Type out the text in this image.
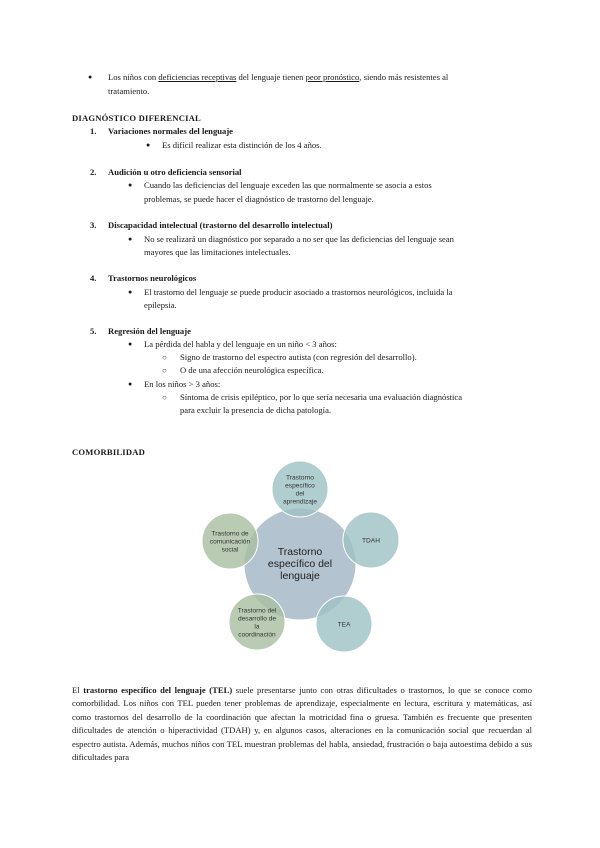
● Los niños con deficiencias receptivas del lenguaje tienen peor pronóstico, siendo más resistentes al
tratamiento.
DIAGNÓSTICO DIFERENCIAL
1. Variaciones normales del lenguaje
● Es difícil realizar esta distinción de los 4 años.
2. Audición u otro deficiencia sensorial
● Cuando las deficiencias del lenguaje exceden las que normalmente se asocia a estos
problemas, se puede hacer el diagnóstico de trastorno del lenguaje.
3. Discapacidad intelectual (trastorno del desarrollo intelectual)
● No se realizará un diagnóstico por separado a no ser que las deficiencias del lenguaje sean
mayores que las limitaciones intelectuales.
4. Trastornos neurológicos
● El trastorno del lenguaje se puede producir asociado a trastornos neurológicos, incluida la
epilepsia.
5. Regresión del lenguaje
● La pérdida del habla y del lenguaje en un niño < 3 años:
○ Signo de trastorno del espectro autista (con regresión del desarrollo).
○ O de una afección neurológica específica.
● En los niños > 3 años:
○ Síntoma de crisis epiléptico, por lo que sería necesaria una evaluación diagnóstica
para excluir la presencia de dicha patología.
COMORBILIDAD
Trastorno
específico
del
aprendizaje
TDAH
TEA
Trastorno del
desarrollo de
la
coordinación
Trastorno de
comunicación
social	Trastorno
específico del
lenguaje
El trastorno específico del lenguaje (TEL) suele presentarse junto con otras dificultades o trastornos, lo que se conoce como comorbilidad. Los niños con TEL pueden tener problemas de aprendizaje, especialmente en lectura, escritura y matemáticas, así como trastornos del desarrollo de la coordinación que afectan la motricidad fina o gruesa. También es frecuente que presenten dificultades de atención o hiperactividad (TDAH) y, en algunos casos, alteraciones en la comunicación social que recuerdan al espectro autista. Además, muchos niños con TEL muestran problemas del habla, ansiedad, frustración o baja autoestima debido a sus dificultades para
